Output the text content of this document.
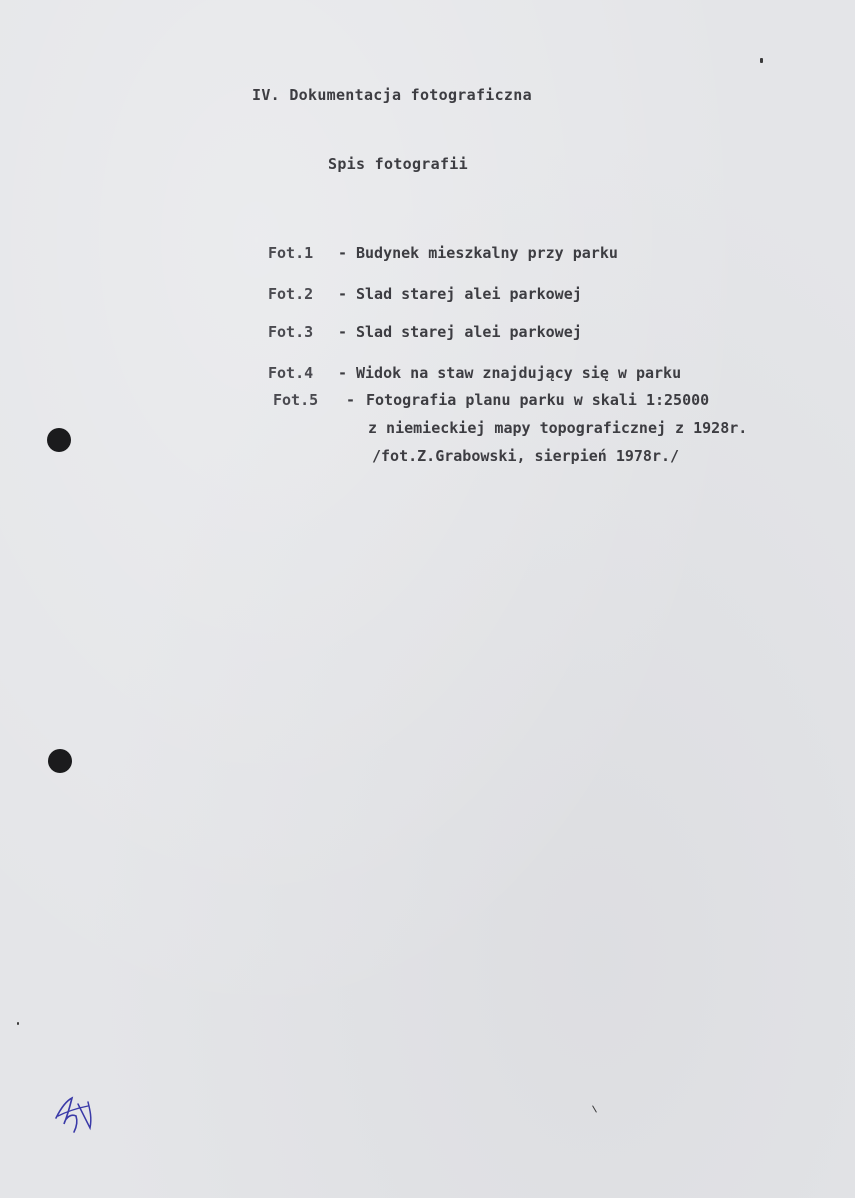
IV. Dokumentacja fotograficzna
Spis fotografii
Fot.1 - Budynek mieszkalny przy parku
Fot.2 - Slad starej alei parkowej
Fot.3 - Slad starej alei parkowej
Fot.4 - Widok na staw znajdujący się w parku
Fot.5 - Fotografia planu parku w skali 1:25000
z niemieckiej mapy topograficznej z 1928r.
/fot.Z.Grabowski, sierpień 1978r./
